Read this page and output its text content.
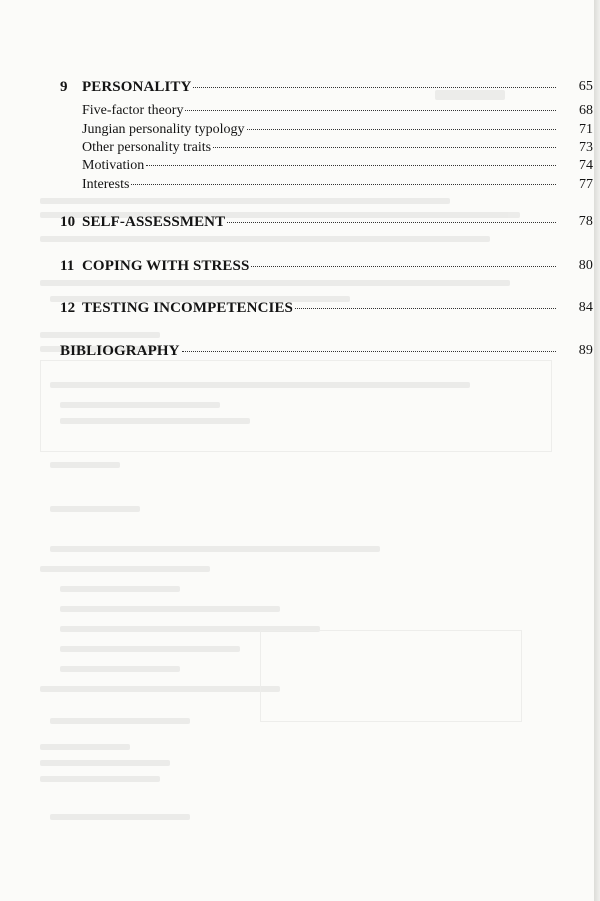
9 PERSONALITY	65
Five-factor theory	68
Jungian personality typology	71
Other personality traits	73
Motivation	74
Interests	77
10 SELF-ASSESSMENT	78
11 COPING WITH STRESS	80
12 TESTING INCOMPETENCIES	84
BIBLIOGRAPHY	89
